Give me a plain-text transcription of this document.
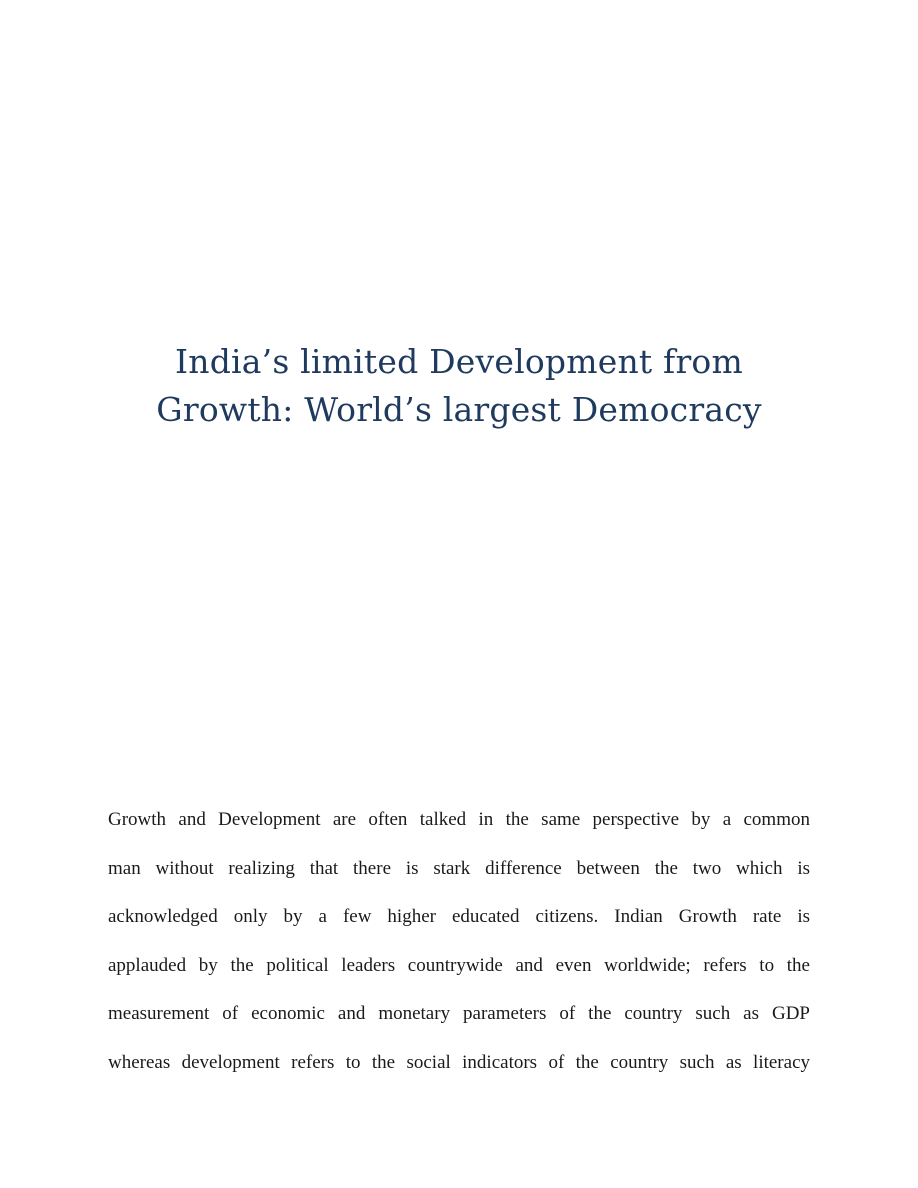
India’s limited Development from
Growth: World’s largest Democracy

Growth and Development are often talked in the same perspective by a common
man without realizing that there is stark difference between the two which is
acknowledged only by a few higher educated citizens. Indian Growth rate is
applauded by the political leaders countrywide and even worldwide; refers to the
measurement of economic and monetary parameters of the country such as GDP
whereas development refers to the social indicators of the country such as literacy
